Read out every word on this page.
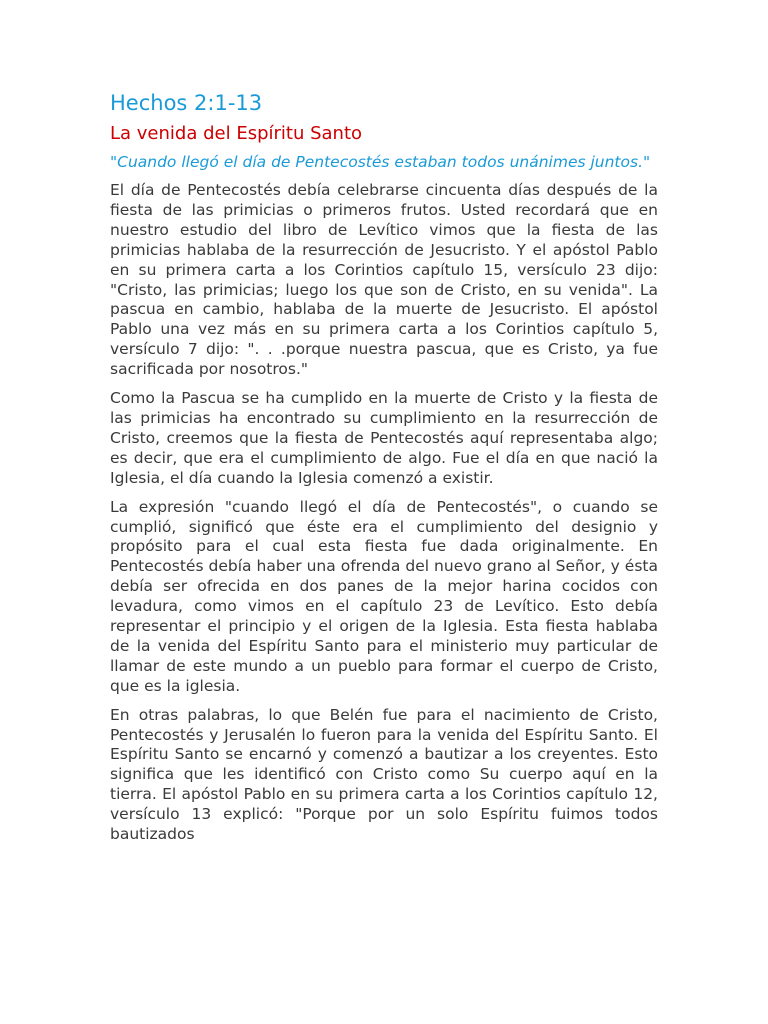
Hechos 2:1-13
La venida del Espíritu Santo

"Cuando llegó el día de Pentecostés estaban todos unánimes juntos."

El día de Pentecostés debía celebrarse cincuenta días después de la fiesta de las primicias o primeros frutos. Usted recordará que en nuestro estudio del libro de Levítico vimos que la fiesta de las primicias hablaba de la resurrección de Jesucristo. Y el apóstol Pablo en su primera carta a los Corintios capítulo 15, versículo 23 dijo: "Cristo, las primicias; luego los que son de Cristo, en su venida". La pascua en cambio, hablaba de la muerte de Jesucristo. El apóstol Pablo una vez más en su primera carta a los Corintios capítulo 5, versículo 7 dijo: ". . .porque nuestra pascua, que es Cristo, ya fue sacrificada por nosotros."

Como la Pascua se ha cumplido en la muerte de Cristo y la fiesta de las primicias ha encontrado su cumplimiento en la resurrección de Cristo, creemos que la fiesta de Pentecostés aquí representaba algo; es decir, que era el cumplimiento de algo. Fue el día en que nació la Iglesia, el día cuando la Iglesia comenzó a existir.

La expresión "cuando llegó el día de Pentecostés", o cuando se cumplió, significó que éste era el cumplimiento del designio y propósito para el cual esta fiesta fue dada originalmente. En Pentecostés debía haber una ofrenda del nuevo grano al Señor, y ésta debía ser ofrecida en dos panes de la mejor harina cocidos con levadura, como vimos en el capítulo 23 de Levítico. Esto debía representar el principio y el origen de la Iglesia. Esta fiesta hablaba de la venida del Espíritu Santo para el ministerio muy particular de llamar de este mundo a un pueblo para formar el cuerpo de Cristo, que es la iglesia.

En otras palabras, lo que Belén fue para el nacimiento de Cristo, Pentecostés y Jerusalén lo fueron para la venida del Espíritu Santo. El Espíritu Santo se encarnó y comenzó a bautizar a los creyentes. Esto significa que les identificó con Cristo como Su cuerpo aquí en la tierra. El apóstol Pablo en su primera carta a los Corintios capítulo 12, versículo 13 explicó: "Porque por un solo Espíritu fuimos todos bautizados
